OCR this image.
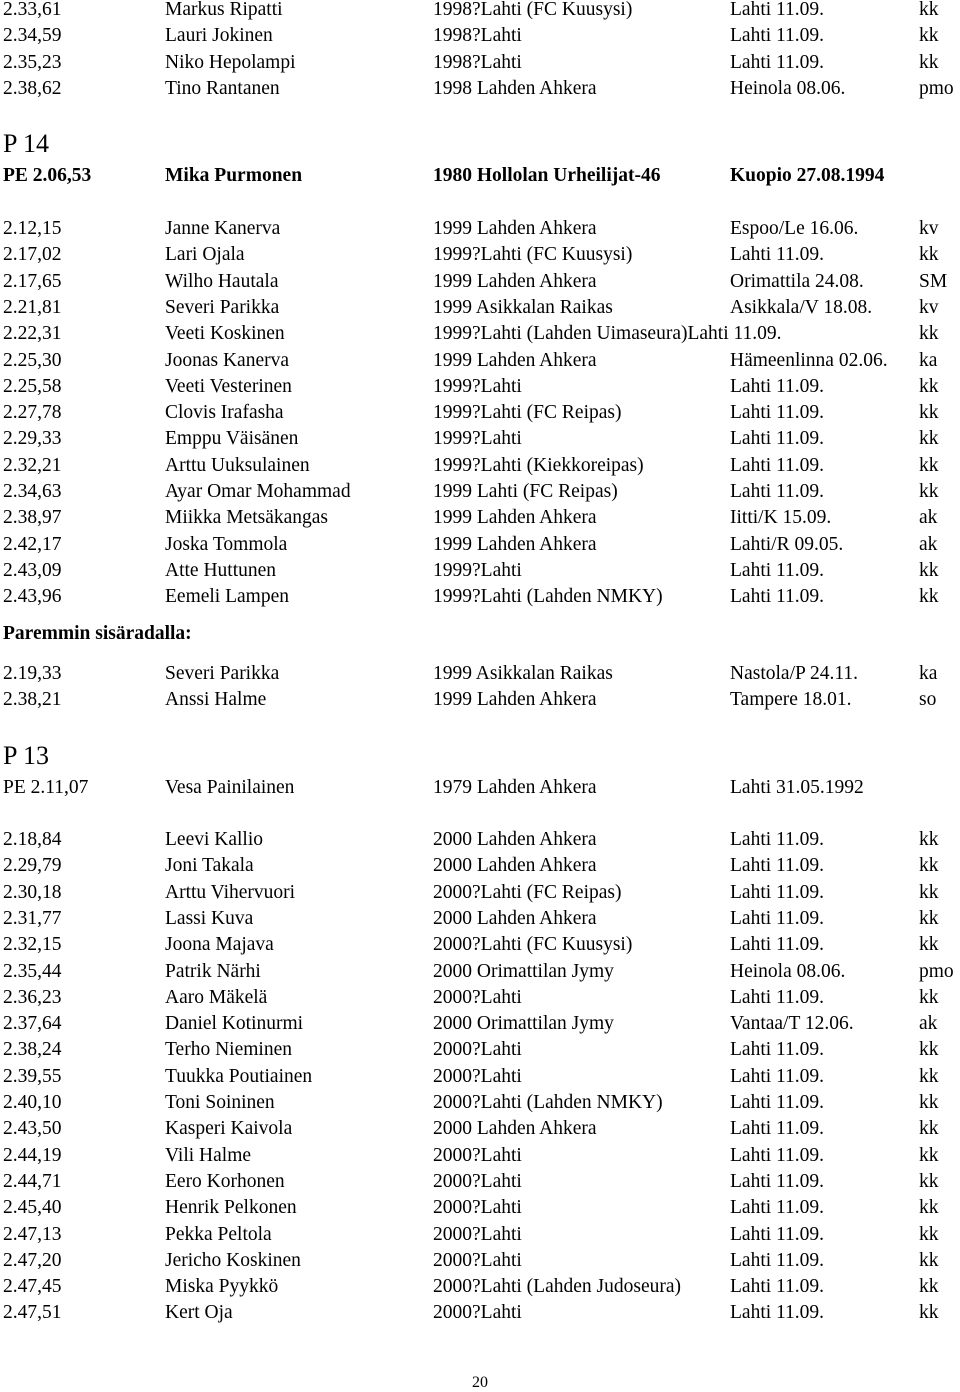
2.33,61	Markus Ripatti	1998?Lahti (FC Kuusysi)	Lahti 11.09.	kk
2.34,59	Lauri Jokinen	1998?Lahti	Lahti 11.09.	kk
2.35,23	Niko Hepolampi	1998?Lahti	Lahti 11.09.	kk
2.38,62	Tino Rantanen	1998 Lahden Ahkera	Heinola 08.06.	pmo
P 14
PE 2.06,53	Mika Purmonen	1980 Hollolan Urheilijat-46	Kuopio 27.08.1994
2.12,15	Janne Kanerva	1999 Lahden Ahkera	Espoo/Le 16.06.	kv
2.17,02	Lari Ojala	1999?Lahti (FC Kuusysi)	Lahti 11.09.	kk
2.17,65	Wilho Hautala	1999 Lahden Ahkera	Orimattila 24.08.	SM
2.21,81	Severi Parikka	1999 Asikkalan Raikas	Asikkala/V 18.08. kv
2.22,31	Veeti Koskinen	1999?Lahti (Lahden Uimaseura)Lahti 11.09.	kk
2.25,30	Joonas Kanerva	1999 Lahden Ahkera	Hämeenlinna 02.06. ka
2.25,58	Veeti Vesterinen	1999?Lahti	Lahti 11.09.	kk
2.27,78	Clovis Irafasha	1999?Lahti (FC Reipas)	Lahti 11.09.	kk
2.29,33	Emppu Väisänen	1999?Lahti	Lahti 11.09.	kk
2.32,21	Arttu Uuksulainen	1999?Lahti (Kiekkoreipas)	Lahti 11.09.	kk
2.34,63	Ayar Omar Mohammad	1999 Lahti (FC Reipas)	Lahti 11.09.	kk
2.38,97	Miikka Metsäkangas	1999 Lahden Ahkera	Iitti/K 15.09.	ak
2.42,17	Joska Tommola	1999 Lahden Ahkera	Lahti/R 09.05.	ak
2.43,09	Atte Huttunen	1999?Lahti	Lahti 11.09.	kk
2.43,96	Eemeli Lampen	1999?Lahti (Lahden NMKY)	Lahti 11.09.	kk
Paremmin sisäradalla:
2.19,33	Severi Parikka	1999 Asikkalan Raikas	Nastola/P 24.11.	ka
2.38,21	Anssi Halme	1999 Lahden Ahkera	Tampere 18.01.	so
P 13
PE 2.11,07	Vesa Painilainen	1979 Lahden Ahkera	Lahti 31.05.1992
2.18,84	Leevi Kallio	2000 Lahden Ahkera	Lahti 11.09.	kk
2.29,79	Joni Takala	2000 Lahden Ahkera	Lahti 11.09.	kk
2.30,18	Arttu Vihervuori	2000?Lahti (FC Reipas)	Lahti 11.09.	kk
2.31,77	Lassi Kuva	2000 Lahden Ahkera	Lahti 11.09.	kk
2.32,15	Joona Majava	2000?Lahti (FC Kuusysi)	Lahti 11.09.	kk
2.35,44	Patrik Närhi	2000 Orimattilan Jymy	Heinola 08.06.	pmo
2.36,23	Aaro Mäkelä	2000?Lahti	Lahti 11.09.	kk
2.37,64	Daniel Kotinurmi	2000 Orimattilan Jymy	Vantaa/T 12.06.	ak
2.38,24	Terho Nieminen	2000?Lahti	Lahti 11.09.	kk
2.39,55	Tuukka Poutiainen	2000?Lahti	Lahti 11.09.	kk
2.40,10	Toni Soininen	2000?Lahti (Lahden NMKY)	Lahti 11.09.	kk
2.43,50	Kasperi Kaivola	2000 Lahden Ahkera	Lahti 11.09.	kk
2.44,19	Vili Halme	2000?Lahti	Lahti 11.09.	kk
2.44,71	Eero Korhonen	2000?Lahti	Lahti 11.09.	kk
2.45,40	Henrik Pelkonen	2000?Lahti	Lahti 11.09.	kk
2.47,13	Pekka Peltola	2000?Lahti	Lahti 11.09.	kk
2.47,20	Jericho Koskinen	2000?Lahti	Lahti 11.09.	kk
2.47,45	Miska Pyykkö	2000?Lahti (Lahden Judoseura)	Lahti 11.09.	kk
2.47,51	Kert Oja	2000?Lahti	Lahti 11.09.	kk
20
